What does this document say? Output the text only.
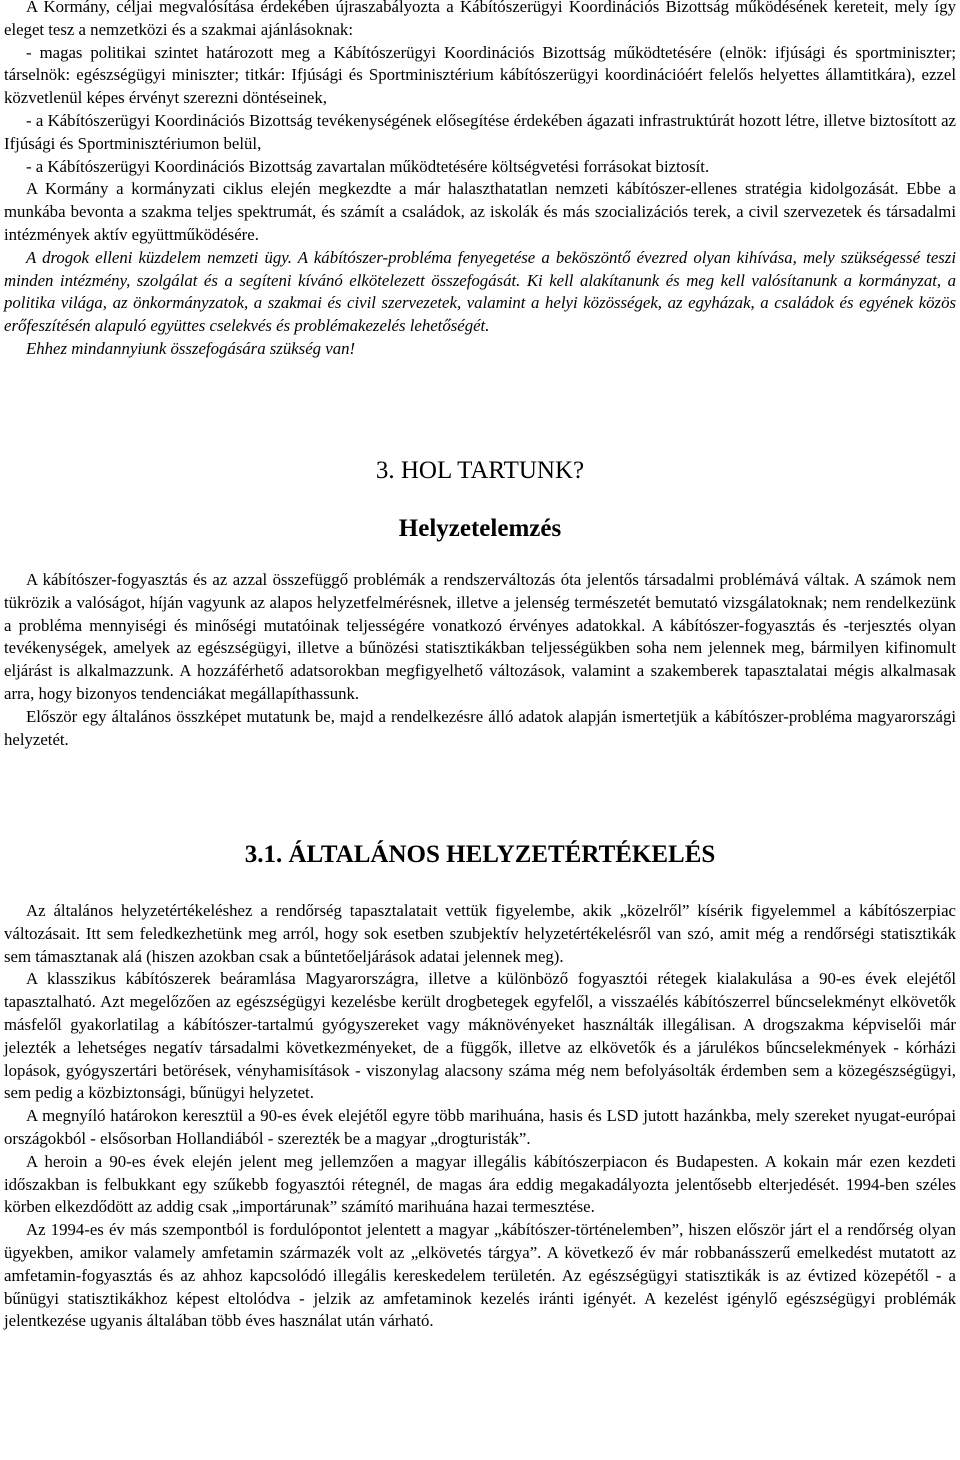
A Kormány, céljai megvalósítása érdekében újraszabályozta a Kábítószerügyi Koordinációs Bizottság működésének kereteit, mely így eleget tesz a nemzetközi és a szakmai ajánlásoknak:

- magas politikai szintet határozott meg a Kábítószerügyi Koordinációs Bizottság működtetésére (elnök: ifjúsági és sportminiszter; társelnök: egészségügyi miniszter; titkár: Ifjúsági és Sportminisztérium kábítószerügyi koordinációért felelős helyettes államtitkára), ezzel közvetlenül képes érvényt szerezni döntéseinek,

- a Kábítószerügyi Koordinációs Bizottság tevékenységének elősegítése érdekében ágazati infrastruktúrát hozott létre, illetve biztosított az Ifjúsági és Sportminisztériumon belül,

- a Kábítószerügyi Koordinációs Bizottság zavartalan működtetésére költségvetési forrásokat biztosít.

A Kormány a kormányzati ciklus elején megkezdte a már halaszthatatlan nemzeti kábítószer-ellenes stratégia kidolgozását. Ebbe a munkába bevonta a szakma teljes spektrumát, és számít a családok, az iskolák és más szocializációs terek, a civil szervezetek és társadalmi intézmények aktív együttműködésére.

A drogok elleni küzdelem nemzeti ügy. A kábítószer-probléma fenyegetése a beköszöntő évezred olyan kihívása, mely szükségessé teszi minden intézmény, szolgálat és a segíteni kívánó elkötelezett összefogását. Ki kell alakítanunk és meg kell valósítanunk a kormányzat, a politika világa, az önkormányzatok, a szakmai és civil szervezetek, valamint a helyi közösségek, az egyházak, a családok és egyének közös erőfeszítésén alapuló együttes cselekvés és problémakezelés lehetőségét.

Ehhez mindannyiunk összefogására szükség van!

3. HOL TARTUNK?
Helyzetelemzés

A kábítószer-fogyasztás és az azzal összefüggő problémák a rendszerváltozás óta jelentős társadalmi problémává váltak. A számok nem tükrözik a valóságot, híján vagyunk az alapos helyzetfelmérésnek, illetve a jelenség természetét bemutató vizsgálatoknak; nem rendelkezünk a probléma mennyiségi és minőségi mutatóinak teljességére vonatkozó érvényes adatokkal. A kábítószer-fogyasztás és -terjesztés olyan tevékenységek, amelyek az egészségügyi, illetve a bűnözési statisztikákban teljességükben soha nem jelennek meg, bármilyen kifinomult eljárást is alkalmazzunk. A hozzáférhető adatsorokban megfigyelhető változások, valamint a szakemberek tapasztalatai mégis alkalmasak arra, hogy bizonyos tendenciákat megállapíthassunk.

Először egy általános összképet mutatunk be, majd a rendelkezésre álló adatok alapján ismertetjük a kábítószer-probléma magyarországi helyzetét.

3.1. ÁLTALÁNOS HELYZETÉRTÉKELÉS

Az általános helyzetértékeléshez a rendőrség tapasztalatait vettük figyelembe, akik „közelről” kísérik figyelemmel a kábítószerpiac változásait. Itt sem feledkezhetünk meg arról, hogy sok esetben szubjektív helyzetértékelésről van szó, amit még a rendőrségi statisztikák sem támasztanak alá (hiszen azokban csak a bűntetőeljárások adatai jelennek meg).

A klasszikus kábítószerek beáramlása Magyarországra, illetve a különböző fogyasztói rétegek kialakulása a 90-es évek elejétől tapasztalható. Azt megelőzően az egészségügyi kezelésbe került drogbetegek egyfelől, a visszaélés kábítószerrel bűncselekményt elkövetők másfelől gyakorlatilag a kábítószer-tartalmú gyógyszereket vagy máknövényeket használták illegálisan. A drogszakma képviselői már jelezték a lehetséges negatív társadalmi következményeket, de a függők, illetve az elkövetők és a járulékos bűncselekmények - kórházi lopások, gyógyszertári betörések, vényhamisítások - viszonylag alacsony száma még nem befolyásolták érdemben sem a közegészségügyi, sem pedig a közbiztonsági, bűnügyi helyzetet.

A megnyíló határokon keresztül a 90-es évek elejétől egyre több marihuána, hasis és LSD jutott hazánkba, mely szereket nyugat-európai országokból - elsősorban Hollandiából - szerezték be a magyar „drogturisták”.

A heroin a 90-es évek elején jelent meg jellemzően a magyar illegális kábítószerpiacon és Budapesten. A kokain már ezen kezdeti időszakban is felbukkant egy szűkebb fogyasztói rétegnél, de magas ára eddig megakadályozta jelentősebb elterjedését. 1994-ben széles körben elkezdődött az addig csak „importárunak” számító marihuána hazai termesztése.

Az 1994-es év más szempontból is fordulópontot jelentett a magyar „kábítószer-történelemben”, hiszen először járt el a rendőrség olyan ügyekben, amikor valamely amfetamin származék volt az „elkövetés tárgya”. A következő év már robbanásszerű emelkedést mutatott az amfetamin-fogyasztás és az ahhoz kapcsolódó illegális kereskedelem területén. Az egészségügyi statisztikák is az évtized közepétől - a bűnügyi statisztikákhoz képest eltolódva - jelzik az amfetaminok kezelés iránti igényét. A kezelést igénylő egészségügyi problémák jelentkezése ugyanis általában több éves használat után várható.
